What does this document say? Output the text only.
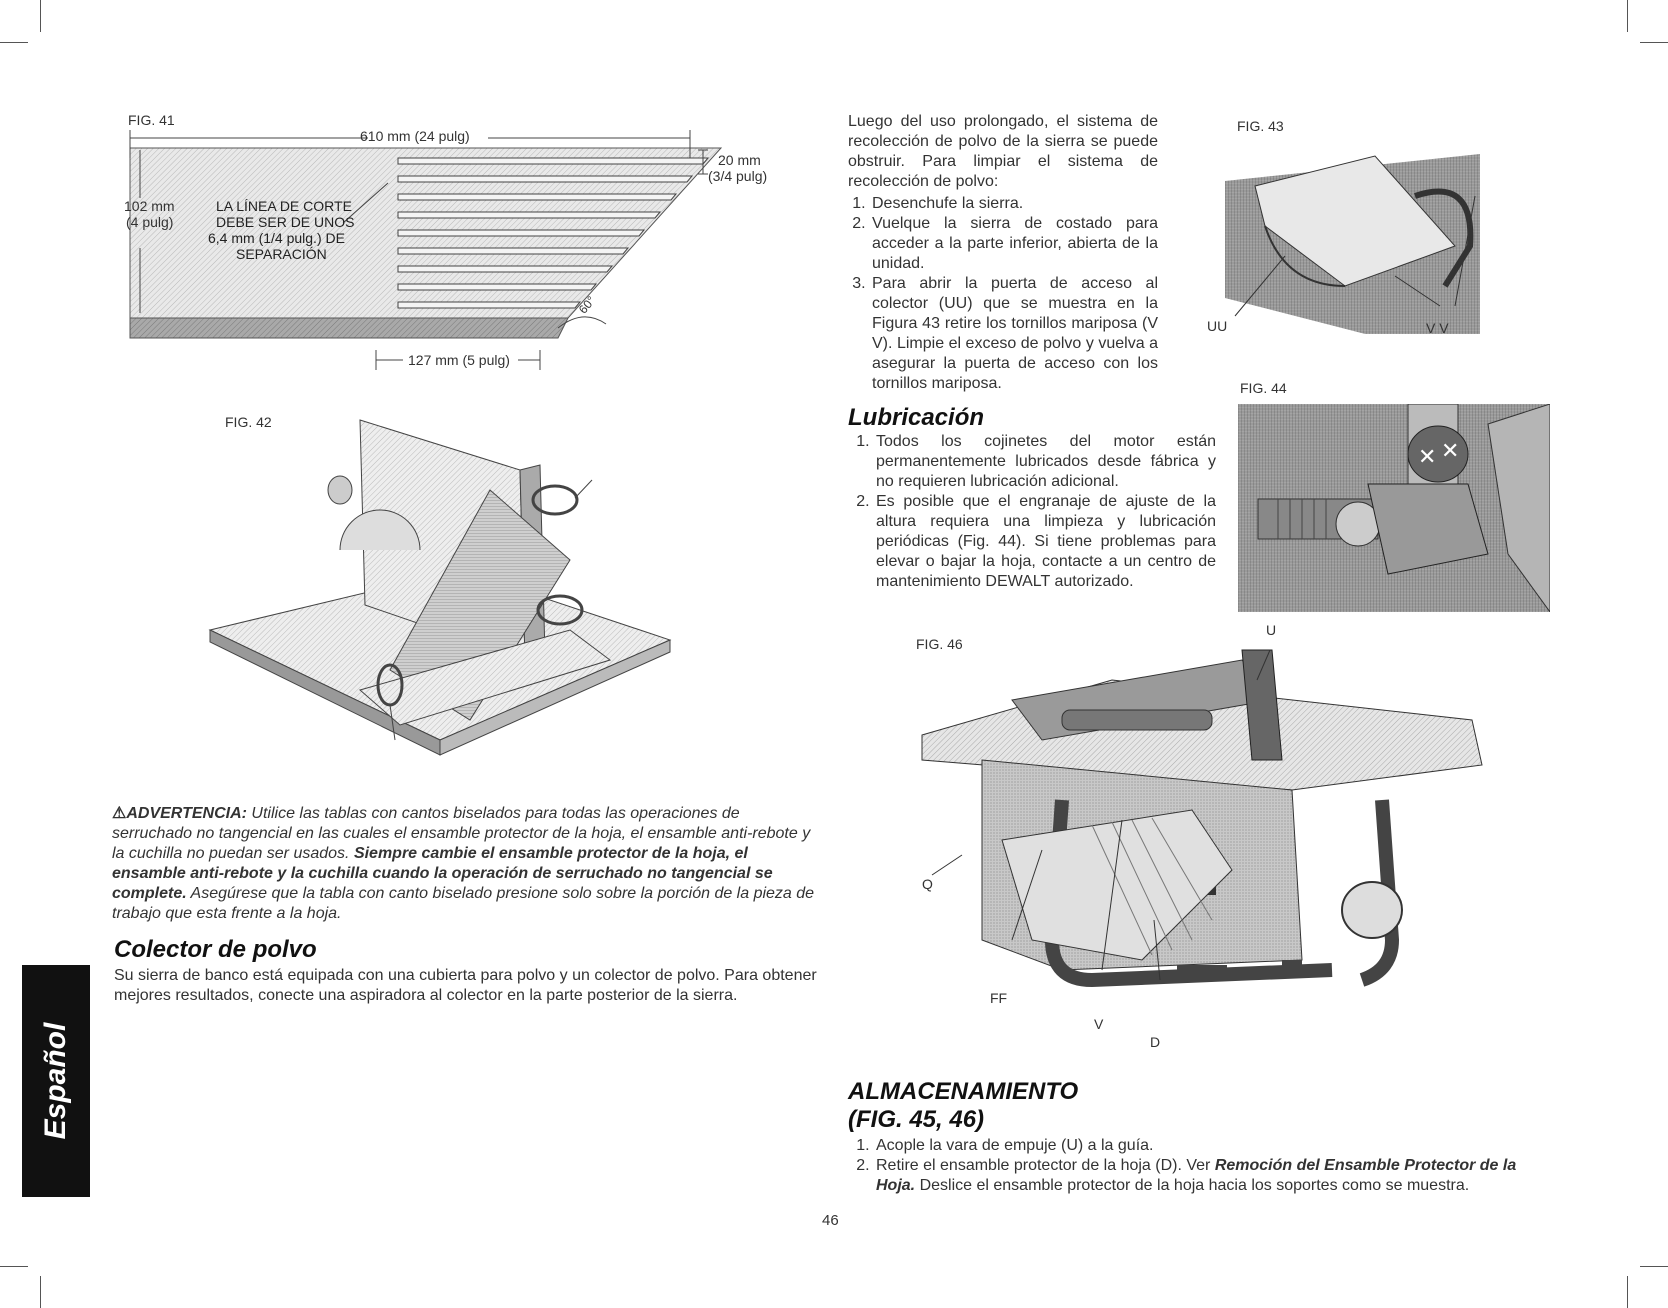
FIG. 41
610 mm (24 pulg)
102 mm
(4 pulg)
20 mm
(3/4 pulg)
LA LÍNEA DE CORTE
DEBE SER DE UNOS
6,4 mm (1/4 pulg.) DE
SEPARACIÓN
60°
127 mm (5 pulg)
FIG. 42
⚠ADVERTENCIA: Utilice las tablas con cantos biselados para todas las operaciones de serruchado no tangencial en las cuales el ensamble protector de la hoja, el ensamble anti-rebote y la cuchilla no puedan ser usados. Siempre cambie el ensamble protector de la hoja, el ensamble anti-rebote y la cuchilla cuando la operación de serruchado no tangencial se complete. Asegúrese que la tabla con canto biselado presione solo sobre la porción de la pieza de trabajo que esta frente a la hoja.
Colector de polvo
Su sierra de banco está equipada con una cubierta para polvo y un colector de polvo. Para obtener mejores resultados, conecte una aspiradora al colector en la parte posterior de la sierra.
Español
Luego del uso prolongado, el sistema de recolección de polvo de la sierra se puede obstruir. Para limpiar el sistema de recolección de polvo:
1. Desenchufe la sierra.
2. Vuelque la sierra de costado para acceder a la parte inferior, abierta de la unidad.
3. Para abrir la puerta de acceso al colector (UU) que se muestra en la Figura 43 retire los tornillos mariposa (V V). Limpie el exceso de polvo y vuelva a asegurar la puerta de acceso con los tornillos mariposa.
FIG. 43
UU	V V
FIG. 44
✕ ✕
Lubricación
1. Todos los cojinetes del motor están permanentemente lubricados desde fábrica y no requieren lubricación adicional.
2. Es posible que el engranaje de ajuste de la altura requiera una limpieza y lubricación periódicas (Fig. 44). Si tiene problemas para elevar o bajar la hoja, contacte a un centro de mantenimiento DEWALT autorizado.
FIG. 46
U
Q
FF
V
D
ALMACENAMIENTO
(FIG. 45, 46)
1. Acople la vara de empuje (U) a la guía.
2. Retire el ensamble protector de la hoja (D). Ver Remoción del Ensamble Protector de la Hoja. Deslice el ensamble protector de la hoja hacia los soportes como se muestra.
46
